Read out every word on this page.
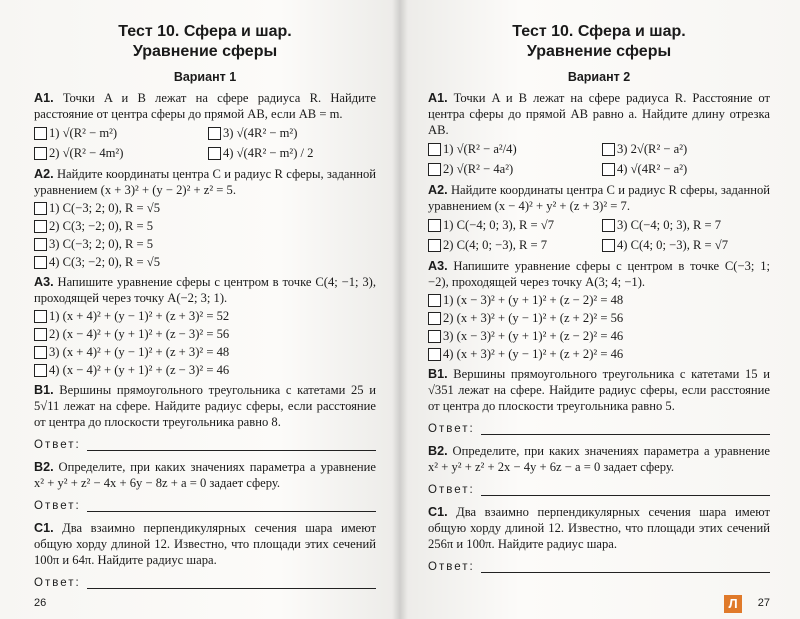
Тест 10. Сфера и шар.
Уравнение сферы
Вариант 1
А1. Точки A и B лежат на сфере радиуса R. Найдите расстояние от центра сферы до прямой AB, если AB = m.
1) √(R² − m²)	3) √(4R² − m²)
2) √(R² − 4m²)	4) √(4R² − m²) / 2
А2. Найдите координаты центра C и радиус R сферы, заданной уравнением (x + 3)² + (y − 2)² + z² = 5.
1) C(−3; 2; 0), R = √5
2) C(3; −2; 0), R = 5
3) C(−3; 2; 0), R = 5
4) C(3; −2; 0), R = √5
А3. Напишите уравнение сферы с центром в точке C(4; −1; 3), проходящей через точку A(−2; 3; 1).
1) (x + 4)² + (y − 1)² + (z + 3)² = 52
2) (x − 4)² + (y + 1)² + (z − 3)² = 56
3) (x + 4)² + (y − 1)² + (z + 3)² = 48
4) (x − 4)² + (y + 1)² + (z − 3)² = 46
В1. Вершины прямоугольного треугольника с катетами 25 и 5√11 лежат на сфере. Найдите радиус сферы, если расстояние от центра до плоскости треугольника равно 8.
Ответ:
В2. Определите, при каких значениях параметра a уравнение x² + y² + z² − 4x + 6y − 8z + a = 0 задает сферу.
Ответ:
С1. Два взаимно перпендикулярных сечения шара имеют общую хорду длиной 12. Известно, что площади этих сечений 100π и 64π. Найдите радиус шара.
Ответ:
26
Тест 10. Сфера и шар.
Уравнение сферы
Вариант 2
А1. Точки A и B лежат на сфере радиуса R. Расстояние от центра сферы до прямой AB равно a. Найдите длину отрезка AB.
1) √(R² − a²/4)	3) 2√(R² − a²)
2) √(R² − 4a²)	4) √(4R² − a²)
А2. Найдите координаты центра C и радиус R сферы, заданной уравнением (x − 4)² + y² + (z + 3)² = 7.
1) C(−4; 0; 3), R = √7	3) C(−4; 0; 3), R = 7
2) C(4; 0; −3), R = 7	4) C(4; 0; −3), R = √7
А3. Напишите уравнение сферы с центром в точке C(−3; 1; −2), проходящей через точку A(3; 4; −1).
1) (x − 3)² + (y + 1)² + (z − 2)² = 48
2) (x + 3)² + (y − 1)² + (z + 2)² = 56
3) (x − 3)² + (y + 1)² + (z − 2)² = 46
4) (x + 3)² + (y − 1)² + (z + 2)² = 46
В1. Вершины прямоугольного треугольника с катетами 15 и √351 лежат на сфере. Найдите радиус сферы, если расстояние от центра до плоскости треугольника равно 5.
Ответ:
В2. Определите, при каких значениях параметра a уравнение x² + y² + z² + 2x − 4y + 6z − a = 0 задает сферу.
Ответ:
С1. Два взаимно перпендикулярных сечения шара имеют общую хорду длиной 12. Известно, что площади этих сечений 256π и 100π. Найдите радиус шара.
Ответ:
Л	27
